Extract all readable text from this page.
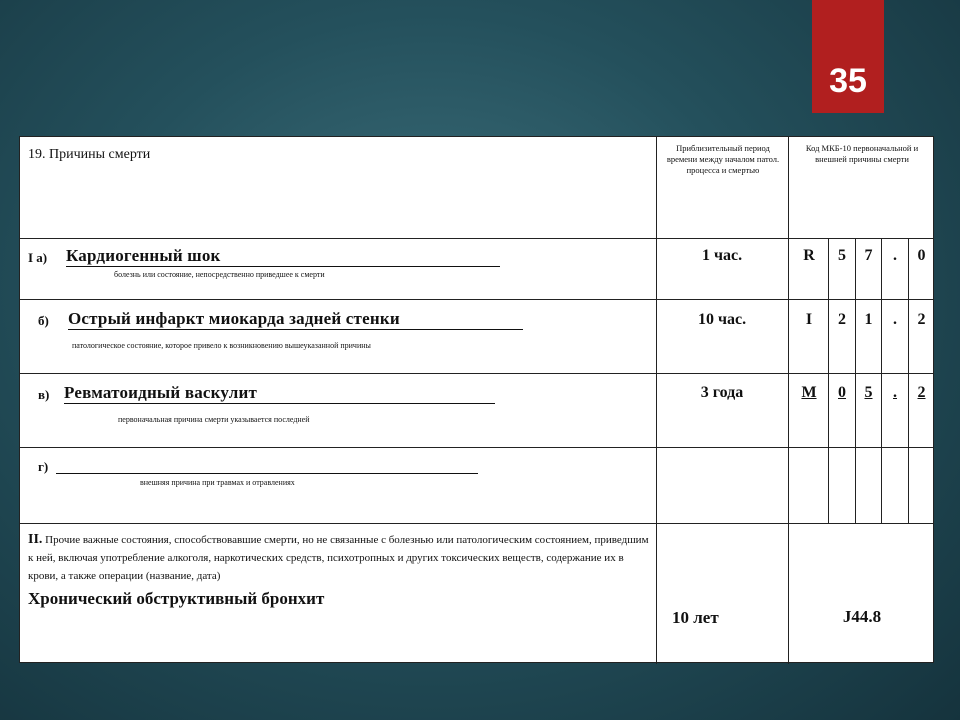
35
19. Причины смерти	Приблизительный период времени между началом патол. процесса и смертью
Код МКБ-10 первоначальной и внешней причины смерти
I а) Кардиогенный шок
болезнь или состояние, непосредственно приведшее к смерти
1 час.	R	5	7	.	0
б) Острый инфаркт миокарда задней стенки
патологическое состояние, которое привело к возникновению вышеуказанной причины
10 час.	I	2	1	.	2
в) Ревматоидный васкулит
первоначальная причина смерти указывается последней
3 года	M	0	5	.	2
г)
внешняя причина при травмах и отравлениях
II. Прочие важные состояния, способствовавшие смерти, но не связанные с болезнью или патологическим состоянием, приведшим к ней, включая употребление алкоголя, наркотических средств, психотропных и других токсических веществ, содержание их в крови, а также операции (название, дата)
Хронический обструктивный бронхит
10 лет	J44.8
